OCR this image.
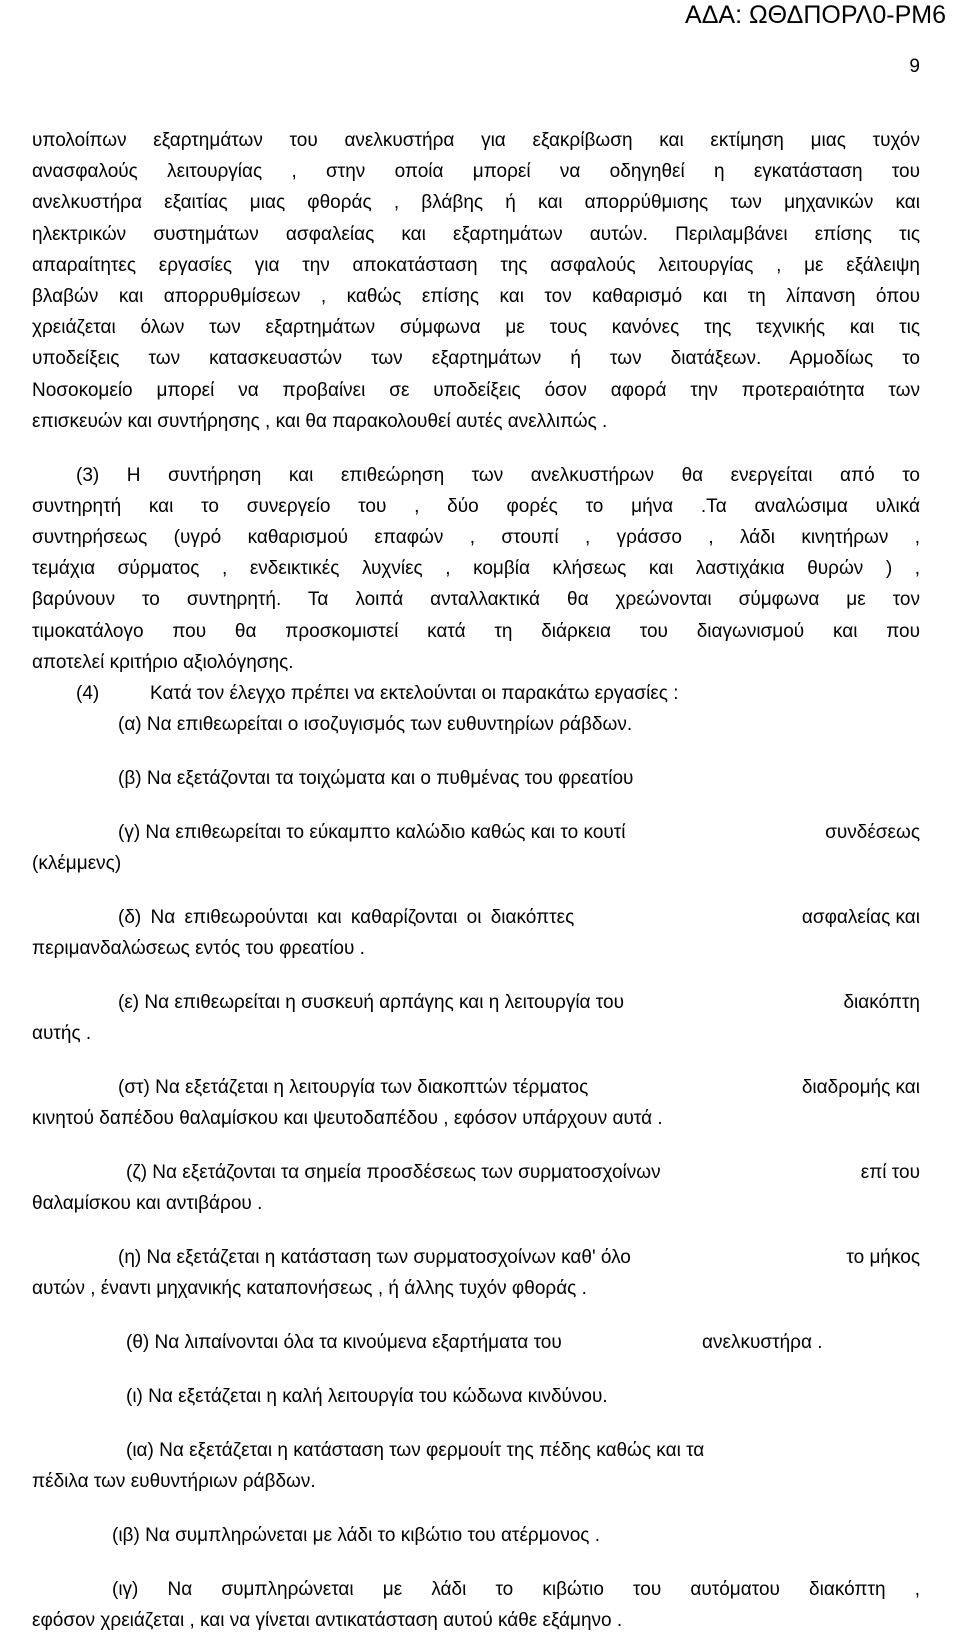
ΑΔΑ: ΩΘΔΠΟΡΛ0-ΡΜ6
9
υπολοίπων εξαρτημάτων του ανελκυστήρα για εξακρίβωση και εκτίμηση μιας τυχόν
ανασφαλούς λειτουργίας , στην οποία μπορεί να οδηγηθεί η εγκατάσταση του
ανελκυστήρα εξαιτίας μιας φθοράς , βλάβης ή και απορρύθμισης των μηχανικών και
ηλεκτρικών συστημάτων ασφαλείας και εξαρτημάτων αυτών. Περιλαμβάνει επίσης τις
απαραίτητες εργασίες για την αποκατάσταση της ασφαλούς λειτουργίας , με εξάλειψη
βλαβών και απορρυθμίσεων , καθώς επίσης και τον καθαρισμό και τη λίπανση όπου
χρειάζεται όλων των εξαρτημάτων σύμφωνα με τους κανόνες της τεχνικής και τις
υποδείξεις των κατασκευαστών των εξαρτημάτων ή των διατάξεων. Αρμοδίως το
Νοσοκομείο μπορεί να προβαίνει σε υποδείξεις όσον αφορά την προτεραιότητα των
επισκευών και συντήρησης , και θα παρακολουθεί αυτές ανελλιπώς .
(3) Η συντήρηση και επιθεώρηση των ανελκυστήρων θα ενεργείται από το
συντηρητή και το συνεργείο του , δύο φορές το μήνα .Τα αναλώσιμα υλικά
συντηρήσεως (υγρό καθαρισμού επαφών , στουπί , γράσσο , λάδι κινητήρων ,
τεμάχια σύρματος , ενδεικτικές λυχνίες , κομβία κλήσεως και λαστιχάκια θυρών ) ,
βαρύνουν το συντηρητή. Τα λοιπά ανταλλακτικά θα χρεώνονται σύμφωνα με τον
τιμοκατάλογο που θα προσκομιστεί κατά τη διάρκεια του διαγωνισμού και που
αποτελεί κριτήριο αξιολόγησης.
(4)	Κατά τον έλεγχο πρέπει να εκτελούνται οι παρακάτω εργασίες :
(α) Να επιθεωρείται ο ισοζυγισμός των ευθυντηρίων ράβδων.
(β) Να εξετάζονται τα τοιχώματα και ο πυθμένας του φρεατίου
(γ) Να επιθεωρείται το εύκαμπτο καλώδιο καθώς και το κουτί	συνδέσεως
(κλέμμενς)
(δ) Να επιθεωρούνται και καθαρίζονται οι διακόπτες	ασφαλείας και
περιμανδαλώσεως εντός του φρεατίου .
(ε) Να επιθεωρείται η συσκευή αρπάγης και η λειτουργία του	διακόπτη
αυτής .
(στ) Να εξετάζεται η λειτουργία των διακοπτών τέρματος	διαδρομής και
κινητού δαπέδου θαλαμίσκου και ψευτοδαπέδου , εφόσον υπάρχουν αυτά .
(ζ) Να εξετάζονται τα σημεία προσδέσεως των συρματοσχοίνων	επί του
θαλαμίσκου και αντιβάρου .
(η) Να εξετάζεται η κατάσταση των συρματοσχοίνων καθ' όλο	το μήκος
αυτών , έναντι μηχανικής καταπονήσεως , ή άλλης τυχόν φθοράς .
(θ) Να λιπαίνονται όλα τα κινούμενα εξαρτήματα του	ανελκυστήρα .
(ι) Να εξετάζεται η καλή λειτουργία του κώδωνα κινδύνου.
(ια) Να εξετάζεται η κατάσταση των φερμουίτ της πέδης καθώς και τα
πέδιλα των ευθυντήριων ράβδων.
(ιβ) Να συμπληρώνεται με λάδι το κιβώτιο του ατέρμονος .
(ιγ) Να συμπληρώνεται με λάδι το κιβώτιο του αυτόματου διακόπτη ,
εφόσον χρειάζεται , και να γίνεται αντικατάσταση αυτού κάθε εξάμηνο .
